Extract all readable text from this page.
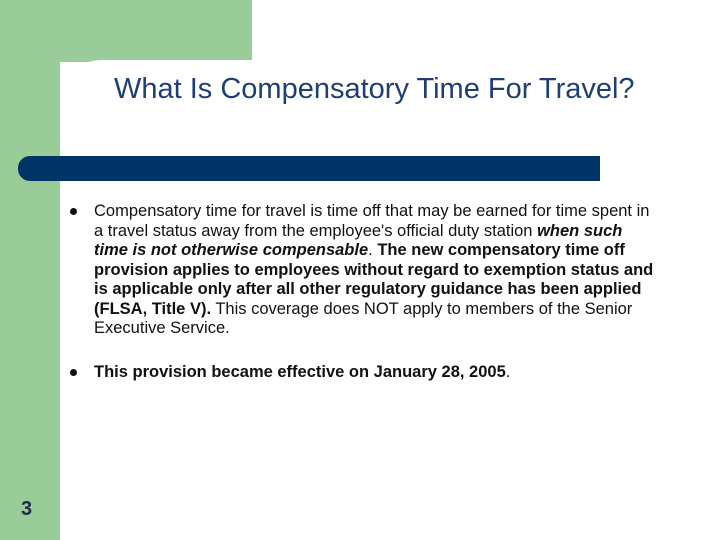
What Is Compensatory Time For Travel?
Compensatory time for travel is time off that may be earned for time spent in a travel status away from the employee's official duty station when such time is not otherwise compensable. The new compensatory time off provision applies to employees without regard to exemption status and is applicable only after all other regulatory guidance has been applied (FLSA, Title V). This coverage does NOT apply to members of the Senior Executive Service.
This provision became effective on January 28, 2005.
3
